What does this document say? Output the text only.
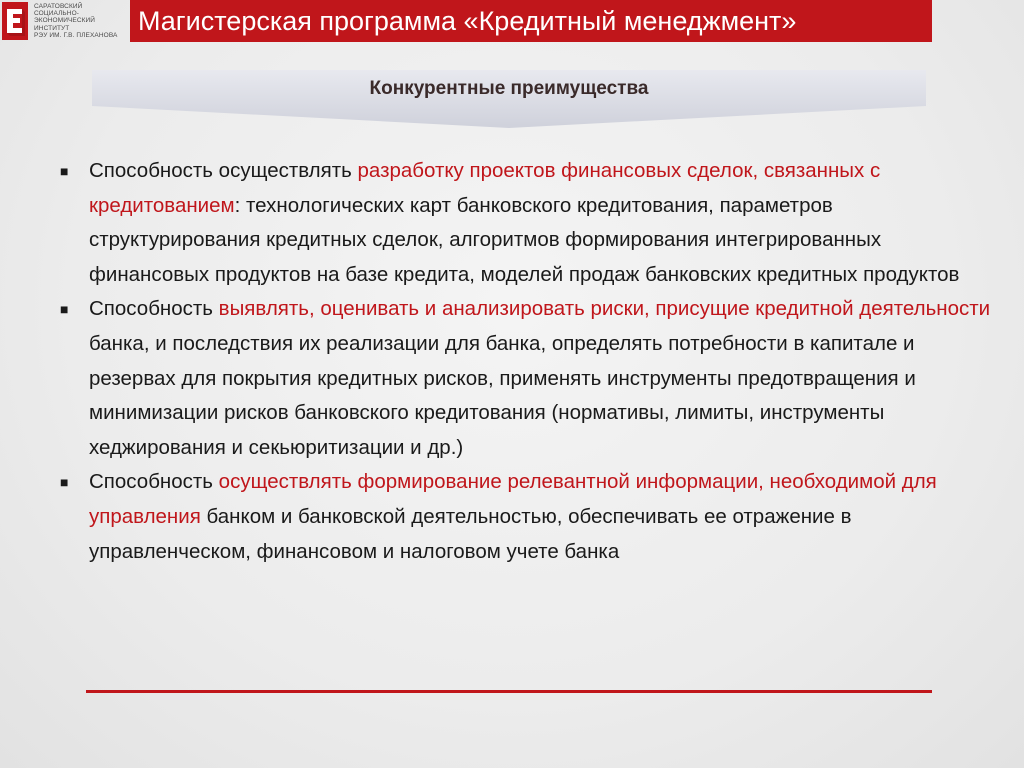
САРАТОВСКИЙ
СОЦИАЛЬНО-ЭКОНОМИЧЕСКИЙ
ИНСТИТУТ
РЭУ ИМ. Г.В. ПЛЕХАНОВА Магистерская программа «Кредитный менеджмент»
Конкурентные преимущества
■	Способность осуществлять разработку проектов финансовых сделок, связанных с кредитованием: технологических карт банковского кредитования, параметров структурирования кредитных сделок, алгоритмов формирования интегрированных финансовых продуктов на базе кредита, моделей продаж банковских кредитных продуктов
■	Способность выявлять, оценивать и анализировать риски, присущие кредитной деятельности банка, и последствия их реализации для банка, определять потребности в капитале и резервах для покрытия кредитных рисков, применять инструменты предотвращения и минимизации рисков банковского кредитования (нормативы, лимиты, инструменты хеджирования и секьюритизации и др.)
■	Способность осуществлять формирование релевантной информации, необходимой для управления банком и банковской деятельностью, обеспечивать ее отражение в управленческом, финансовом и налоговом учете банка
